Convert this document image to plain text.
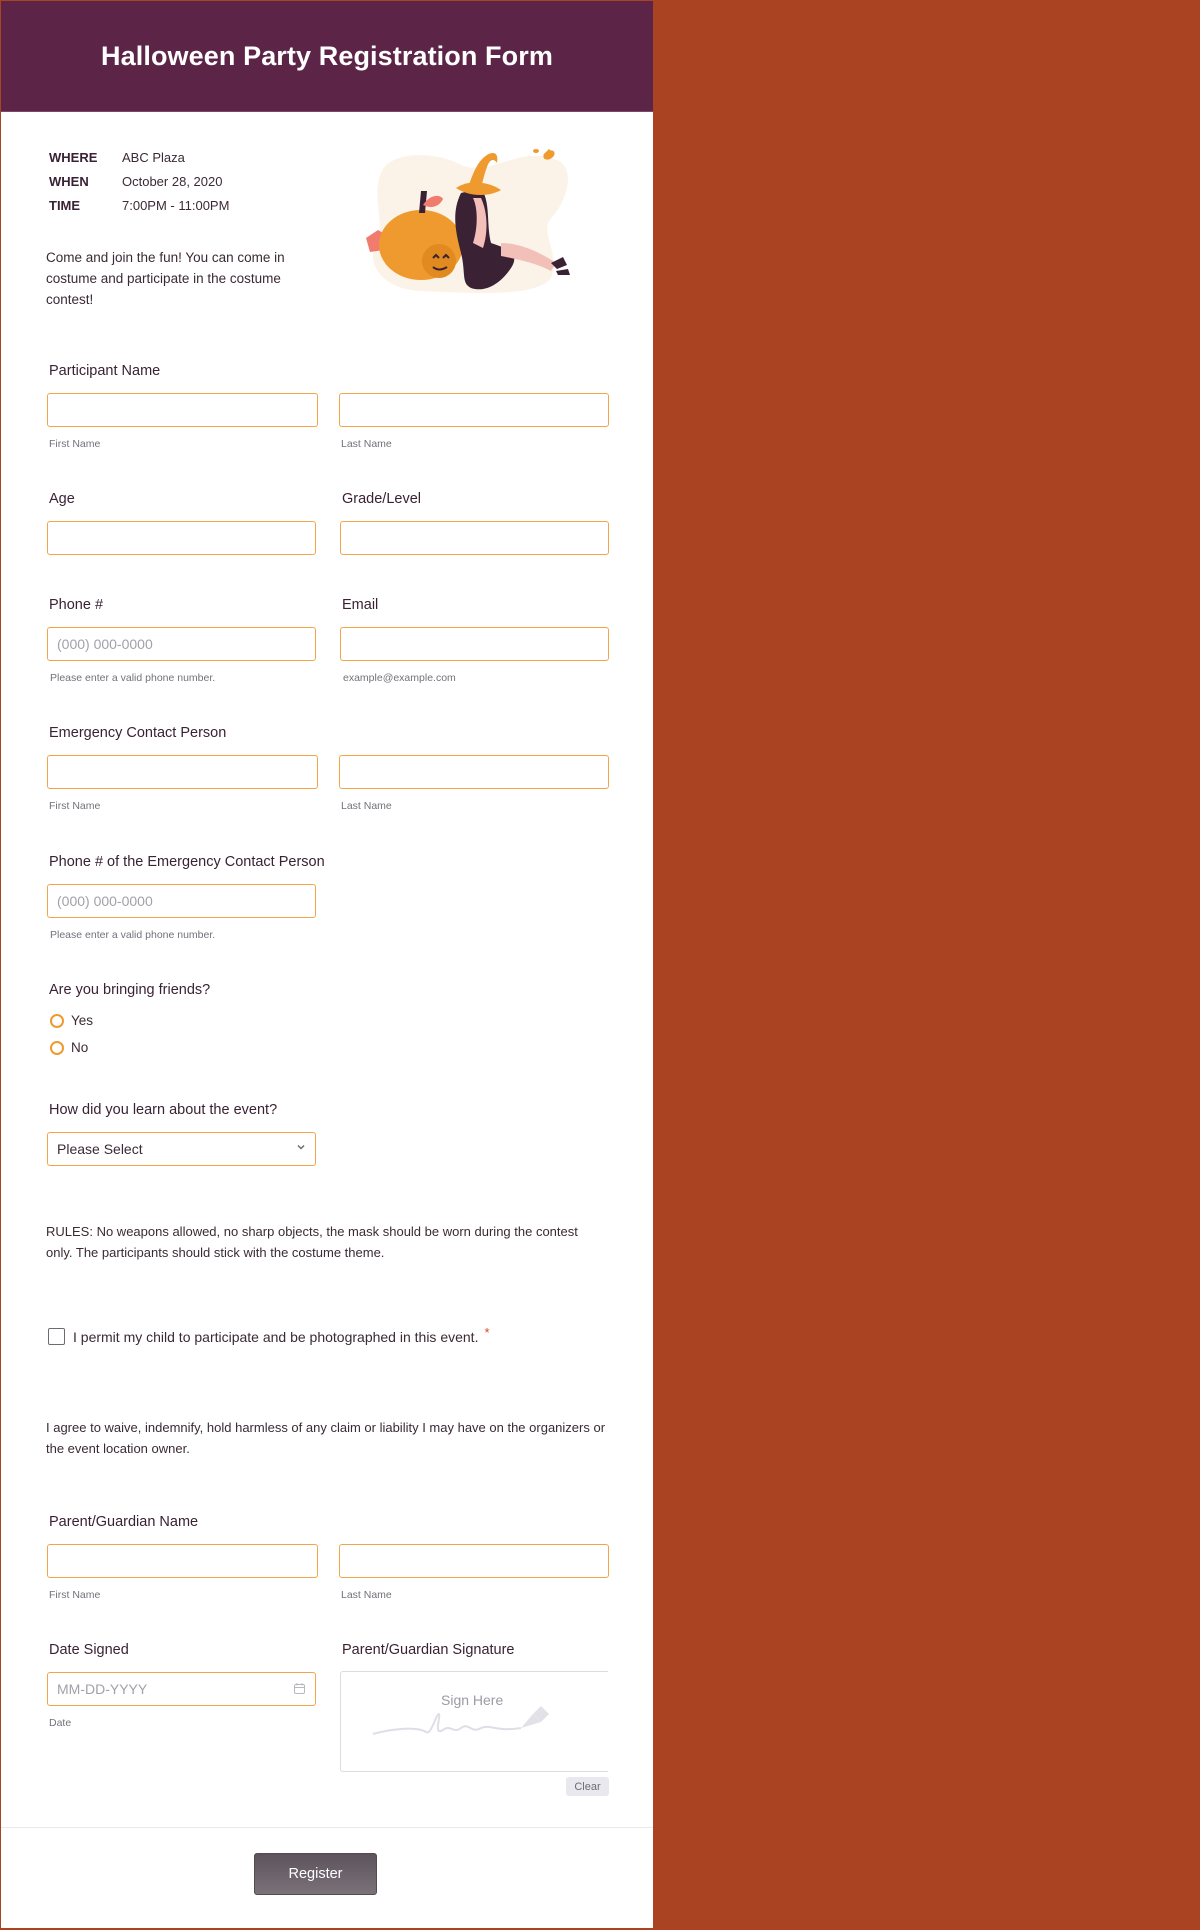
Halloween Party Registration Form
WHERE	ABC Plaza
WHEN	October 28, 2020
TIME	7:00PM - 11:00PM
Come and join the fun! You can come in costume and participate in the costume contest!
Participant Name
First Name	Last Name
Age	Grade/Level
Phone #
(000) 000-0000
Please enter a valid phone number.
Email
example@example.com
Emergency Contact Person
First Name	Last Name
Phone # of the Emergency Contact Person
(000) 000-0000
Please enter a valid phone number.
Are you bringing friends?
Yes
No
How did you learn about the event?
Please Select
RULES: No weapons allowed, no sharp objects, the mask should be worn during the contest only. The participants should stick with the costume theme.
I permit my child to participate and be photographed in this event. *
I agree to waive, indemnify, hold harmless of any claim or liability I may have on the organizers or the event location owner.
Parent/Guardian Name
First Name	Last Name
Date Signed
MM-DD-YYYY
Date
Parent/Guardian Signature
Sign Here
Clear
Register
